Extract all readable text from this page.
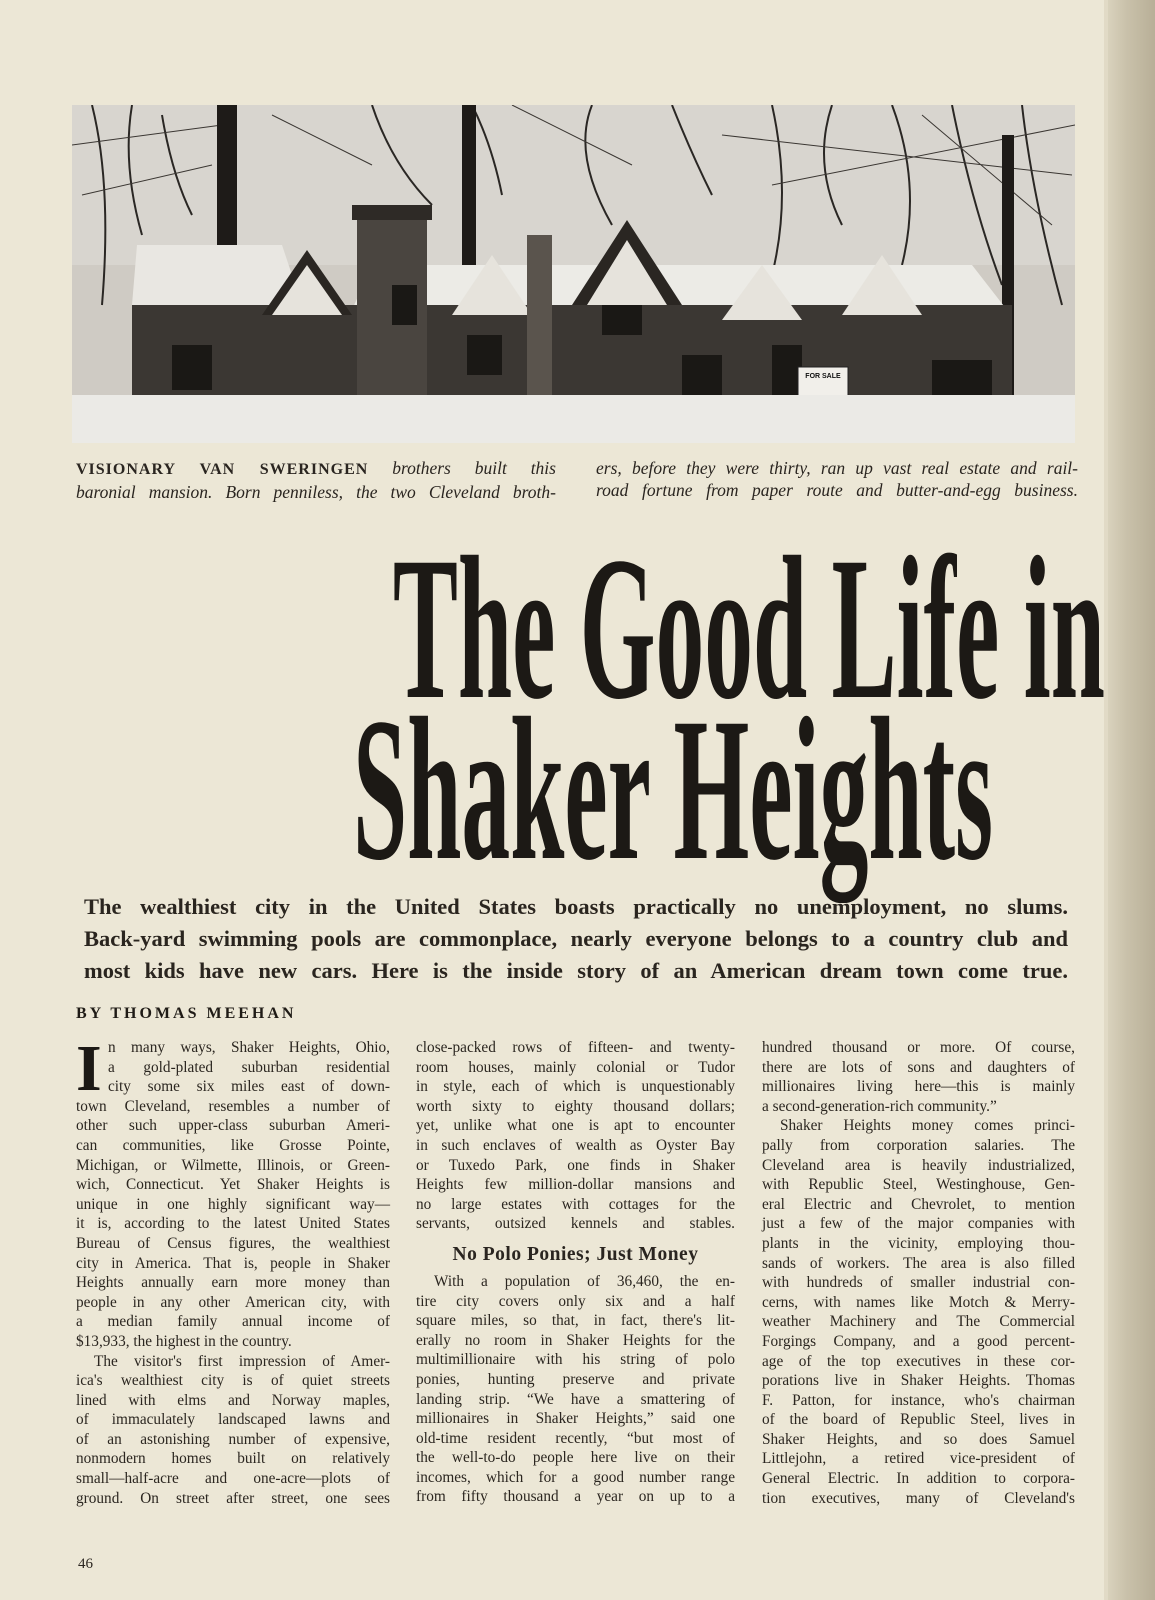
FOR SALE
VISIONARY VAN SWERINGEN brothers built this
baronial mansion. Born penniless, the two Cleveland broth-
ers, before they were thirty, ran up vast real estate and rail-
road fortune from paper route and butter-and-egg business.
The Good Life in
Shaker Heights
The wealthiest city in the United States boasts practically no unemployment, no slums.
Back-yard swimming pools are commonplace, nearly everyone belongs to a country club and
most kids have new cars. Here is the inside story of an American dream town come true.
BY THOMAS MEEHAN
I n many ways, Shaker Heights, Ohio,
a gold-plated suburban residential
city some six miles east of down-
town Cleveland, resembles a number of
other such upper-class suburban Ameri-
can communities, like Grosse Pointe,
Michigan, or Wilmette, Illinois, or Green-
wich, Connecticut. Yet Shaker Heights is
unique in one highly significant way—
it is, according to the latest United States
Bureau of Census figures, the wealthiest
city in America. That is, people in Shaker
Heights annually earn more money than
people in any other American city, with
a median family annual income of
$13,933, the highest in the country.
The visitor's first impression of Amer-
ica's wealthiest city is of quiet streets
lined with elms and Norway maples,
of immaculately landscaped lawns and
of an astonishing number of expensive,
nonmodern homes built on relatively
small—half-acre and one-acre—plots of
ground. On street after street, one sees
close-packed rows of fifteen- and twenty-
room houses, mainly colonial or Tudor
in style, each of which is unquestionably
worth sixty to eighty thousand dollars;
yet, unlike what one is apt to encounter
in such enclaves of wealth as Oyster Bay
or Tuxedo Park, one finds in Shaker
Heights few million-dollar mansions and
no large estates with cottages for the
servants, outsized kennels and stables.
No Polo Ponies; Just Money
With a population of 36,460, the en-
tire city covers only six and a half
square miles, so that, in fact, there's lit-
erally no room in Shaker Heights for the
multimillionaire with his string of polo
ponies, hunting preserve and private
landing strip. “We have a smattering of
millionaires in Shaker Heights,” said one
old-time resident recently, “but most of
the well-to-do people here live on their
incomes, which for a good number range
from fifty thousand a year on up to a
hundred thousand or more. Of course,
there are lots of sons and daughters of
millionaires living here—this is mainly
a second-generation-rich community.”
Shaker Heights money comes princi-
pally from corporation salaries. The
Cleveland area is heavily industrialized,
with Republic Steel, Westinghouse, Gen-
eral Electric and Chevrolet, to mention
just a few of the major companies with
plants in the vicinity, employing thou-
sands of workers. The area is also filled
with hundreds of smaller industrial con-
cerns, with names like Motch & Merry-
weather Machinery and The Commercial
Forgings Company, and a good percent-
age of the top executives in these cor-
porations live in Shaker Heights. Thomas
F. Patton, for instance, who's chairman
of the board of Republic Steel, lives in
Shaker Heights, and so does Samuel
Littlejohn, a retired vice-president of
General Electric. In addition to corpora-
tion executives, many of Cleveland's
46
